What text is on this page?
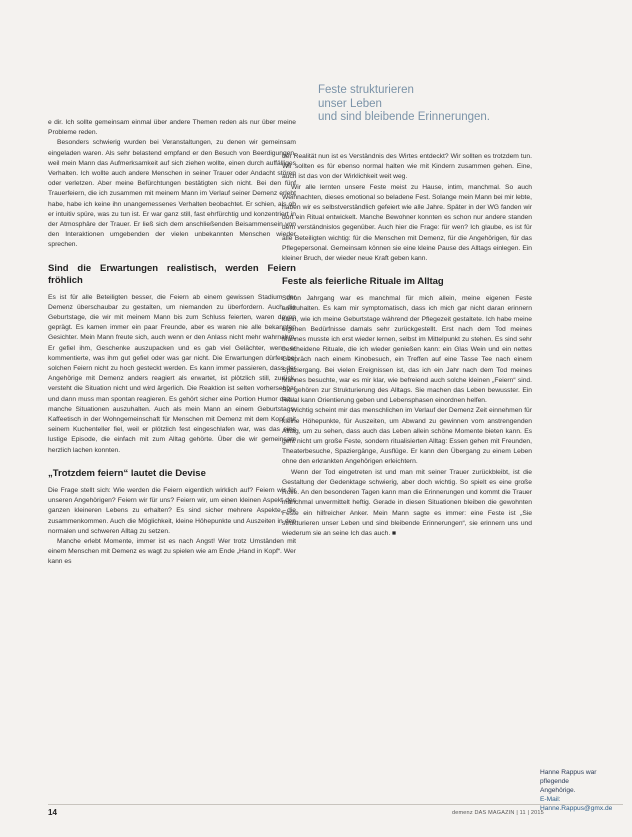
Feste strukturieren
unser Leben
und sind bleibende Erinnerungen.

e dir. Ich sollte gemeinsam einmal über andere Themen reden als nur über meine Probleme reden.

Besonders schwierig wurden bei Veranstaltungen, zu denen wir gemeinsam eingeladen waren. Als sehr belastend empfand er den Besuch von Beerdigungen, weil mein Mann das Aufmerksamkeit auf sich ziehen wollte, einen durch auffälliges Verhalten. Ich wollte auch andere Menschen in seiner Trauer oder Andacht stören oder verletzen. Aber meine Befürchtungen bestätigten sich nicht. Bei den fünf Trauerfeiern, die ich zusammen mit meinem Mann im Verlauf seiner Demenz erlebt habe, habe ich keine ihn unangemessenes Verhalten beobachtet. Er schien, als ob er intuitiv spüre, was zu tun ist. Er war ganz still, fast ehrfürchtig und konzentriert in der Atmosphäre der Trauer. Er ließ sich dem anschließenden Beisammensein von den Interaktionen umgebenden der vielen unbekannten Menschen wieder sprechen.

Sind die Erwartungen realistisch, werden Feiern fröhlich

Es ist für alle Beteiligten besser, die Feiern ab einem gewissen Stadium der Demenz überschaubar zu gestalten, um niemanden zu überfordern. Auch die Geburtstage, die wir mit meinem Mann bis zum Schluss feierten, waren davon geprägt. Es kamen immer ein paar Freunde, aber es waren nie alle bekannten Gesichter. Mein Mann freute sich, auch wenn er den Anlass nicht mehr wahrnahm. Er gefiel ihm, Geschenke auszupacken und es gab viel Gelächter, wenn er kommentierte, was ihm gut gefiel oder was gar nicht. Die Erwartungen dürfen bei solchen Feiern nicht zu hoch gesteckt werden. Es kann immer passieren, dass der Angehörige mit Demenz anders reagiert als erwartet, ist plötzlich still, zurück, versteht die Situation nicht und wird ärgerlich. Die Reaktion ist selten vorhersehbar und dann muss man spontan reagieren. Es gehört sicher eine Portion Humor dazu, manche Situationen auszuhalten. Auch als mein Mann an einem Geburtstags-Kaffeetisch in der Wohngemeinschaft für Menschen mit Demenz mit dem Kopf mit seinem Kuchenteller fiel, weil er plötzlich fest eingeschlafen war, was das eine lustige Episode, die einfach mit zum Alltag gehörte. Über die wir gemeinsam herzlich lachen konnten.

„Trotzdem feiern“ lautet die Devise

Die Frage stellt sich: Wie werden die Feiern eigentlich wirklich auf? Feiern wir für unseren Angehörigen? Feiern wir für uns? Feiern wir, um einen kleinen Aspekt des ganzen kleineren Lebens zu erhalten? Es sind sicher mehrere Aspekte, die zusammenkommen. Auch die Möglichkeit, kleine Höhepunkte und Auszeiten in den normalen und schweren Alltag zu setzen.

Manche erlebt Momente, immer ist es nach Angst! Wer trotz Umständen mit einem Menschen mit Demenz es wagt zu spielen wie am Ende „Hand in Kopf“. Wer kann es

der Realität nun ist es Verständnis des Wirtes entdeckt? Wir sollten es trotzdem tun. Wir sollten es für ebenso normal halten wie mit Kindern zusammen gehen. Eine, auch ist das von der Wirklichkeit weit weg.

Wir alle lernten unsere Feste meist zu Hause, intim, manchmal. So auch Weihnachten, dieses emotional so beladene Fest. Solange mein Mann bei mir lebte, haben wir es selbstverständlich gefeiert wie alle Jahre. Später in der WG fanden wir dort ein Ritual entwickelt. Manche Bewohner konnten es schon nur andere standen dem verständnislos gegenüber. Auch hier die Frage: für wen? Ich glaube, es ist für alle Beteiligten wichtig: für die Menschen mit Demenz, für die Angehörigen, für das Pflegepersonal. Gemeinsam können sie eine kleine Pause des Alltags einlegen. Ein kleiner Bruch, der wieder neue Kraft geben kann.

Feste als feierliche Rituale im Alltag

Schon Jahrgang war es manchmal für mich allein, meine eigenen Feste auszuhalten. Es kam mir symptomatisch, dass ich mich gar nicht daran erinnern kann, wie ich meine Geburtstage während der Pflegezeit gestaltete. Ich habe meine eigenen Bedürfnisse damals sehr zurückgestellt. Erst nach dem Tod meines Mannes musste ich erst wieder lernen, selbst im Mittelpunkt zu stehen. Es sind sehr bescheidene Rituale, die ich wieder genießen kann: ein Glas Wein und ein nettes Gespräch nach einem Kinobesuch, ein Treffen auf eine Tasse Tee nach einem Spaziergang. Bei vielen Ereignissen ist, das ich ein Jahr nach dem Tod meines Mannes besuchte, war es mir klar, wie befreiend auch solche kleinen „Feiern“ sind. Sie gehören zur Strukturierung des Alltags. Sie machen das Leben bewusster. Ein Ritual kann Orientierung geben und Lebensphasen einordnen helfen.

Wichtig scheint mir das menschlichen im Verlauf der Demenz Zeit einnehmen für kleine Höhepunkte, für Auszeiten, um Abwand zu gewinnen vom anstrengenden Alltag, um zu sehen, dass auch das Leben allein schöne Momente bieten kann. Es geht nicht um große Feste, sondern ritualisierten Alltag: Essen gehen mit Freunden, Theaterbesuche, Spaziergänge, Ausflüge. Er kann den Übergang zu einem Leben ohne den erkrankten Angehörigen erleichtern.

Wenn der Tod eingetreten ist und man mit seiner Trauer zurückbleibt, ist die Gestaltung der Gedenktage schwierig, aber doch wichtig. So spielt es eine große Rolle. An den besonderen Tagen kann man die Erinnerungen und kommt die Trauer manchmal unvermittelt heftig. Gerade in diesen Situationen bleiben die gewohnten Feste ein hilfreicher Anker. Mein Mann sagte es immer: eine Feste ist „Sie strukturieren unser Leben und sind bleibende Erinnerungen“, sie erinnern uns und wiederum sie an seine Ich das auch. ■

Hanne Rappus war pflegende
Angehörige.
E-Mail: Hanne.Rappus@gmx.de
14	demenz DAS MAGAZIN | 11 | 2015
